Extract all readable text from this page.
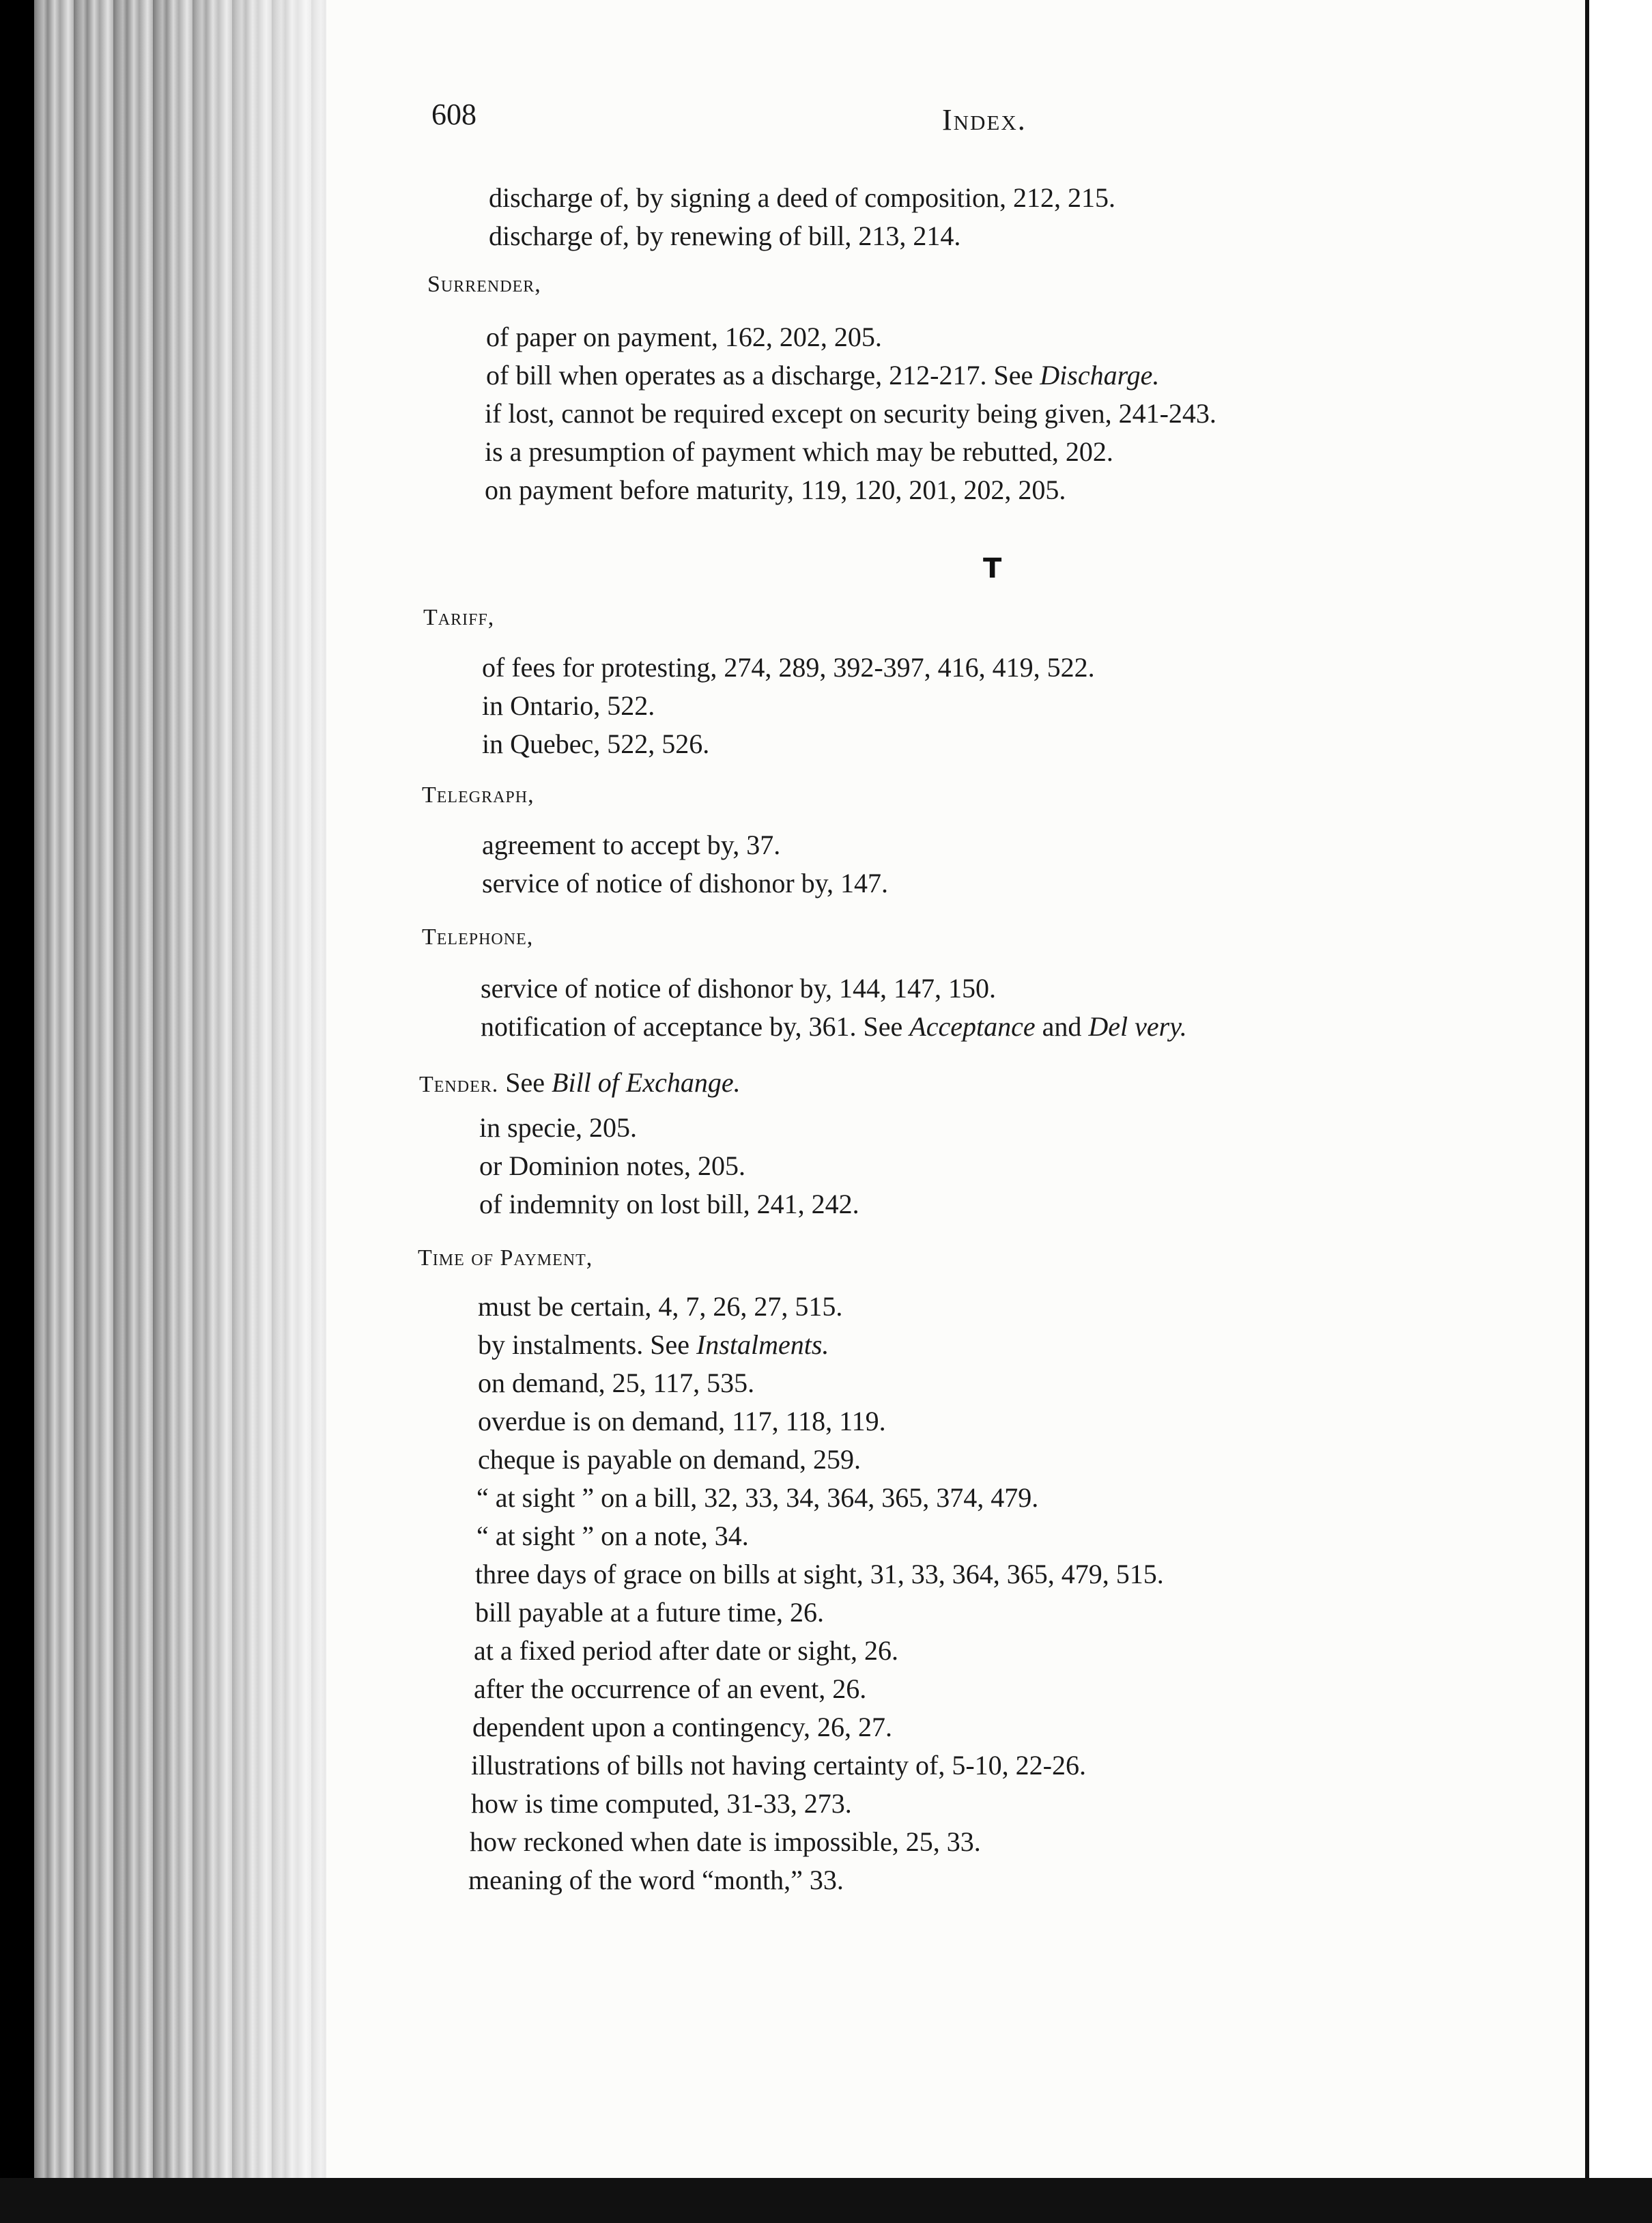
608	Index.
discharge of, by signing a deed of composition, 212, 215.
discharge of, by renewing of bill, 213, 214.
Surrender,
of paper on payment, 162, 202, 205.
of bill when operates as a discharge, 212-217. See Discharge.
if lost, cannot be required except on security being given, 241-243.
is a presumption of payment which may be rebutted, 202.
on payment before maturity, 119, 120, 201, 202, 205.
T
Tariff,
of fees for protesting, 274, 289, 392-397, 416, 419, 522.
in Ontario, 522.
in Quebec, 522, 526.
Telegraph,
agreement to accept by, 37.
service of notice of dishonor by, 147.
Telephone,
service of notice of dishonor by, 144, 147, 150.
notification of acceptance by, 361. See Acceptance and Del very.
Tender. See Bill of Exchange.
in specie, 205.
or Dominion notes, 205.
of indemnity on lost bill, 241, 242.
Time of Payment,
must be certain, 4, 7, 26, 27, 515.
by instalments. See Instalments.
on demand, 25, 117, 535.
overdue is on demand, 117, 118, 119.
cheque is payable on demand, 259.
“ at sight ” on a bill, 32, 33, 34, 364, 365, 374, 479.
“ at sight ” on a note, 34.
three days of grace on bills at sight, 31, 33, 364, 365, 479, 515.
bill payable at a future time, 26.
at a fixed period after date or sight, 26.
after the occurrence of an event, 26.
dependent upon a contingency, 26, 27.
illustrations of bills not having certainty of, 5-10, 22-26.
how is time computed, 31-33, 273.
how reckoned when date is impossible, 25, 33.
meaning of the word “month,” 33.
